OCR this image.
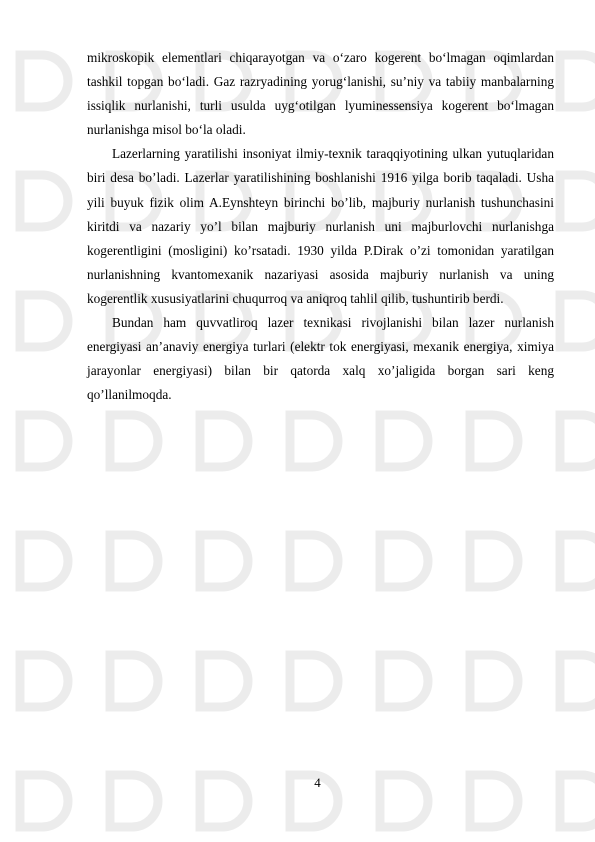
mikroskopik elementlari chiqarayotgan va o‘zaro kogerent bo‘lmagan oqimlardan tashkil topgan bo‘ladi. Gaz razryadining yorug‘lanishi, su’niy va tabiiy manbalarning issiqlik nurlanishi, turli usulda uyg‘otilgan lyuminessensiya kogerent bo‘lmagan nurlanishga misol bo‘la oladi.

Lazerlarning yaratilishi insoniyat ilmiy-texnik taraqqiyotining ulkan yutuqlaridan biri desa bo’ladi. Lazerlar yaratilishining boshlanishi 1916 yilga borib taqaladi. Usha yili buyuk fizik olim A.Eynshteyn birinchi bo’lib, majburiy nurlanish tushunchasini kiritdi va nazariy yo’l bilan majburiy nurlanish uni majburlovchi nurlanishga kogerentligini (mosligini) ko’rsatadi. 1930 yilda P.Dirak o’zi tomonidan yaratilgan nurlanishning kvantomexanik nazariyasi asosida majburiy nurlanish va uning kogerentlik xususiyatlarini chuqurroq va aniqroq tahlil qilib, tushuntirib berdi.

Bundan ham quvvatliroq lazer texnikasi rivojlanishi bilan lazer nurlanish energiyasi an’anaviy energiya turlari (elektr tok energiyasi, mexanik energiya, ximiya jarayonlar energiyasi) bilan bir qatorda xalq xo’jaligida borgan sari keng qo’llanilmoqda.

4
